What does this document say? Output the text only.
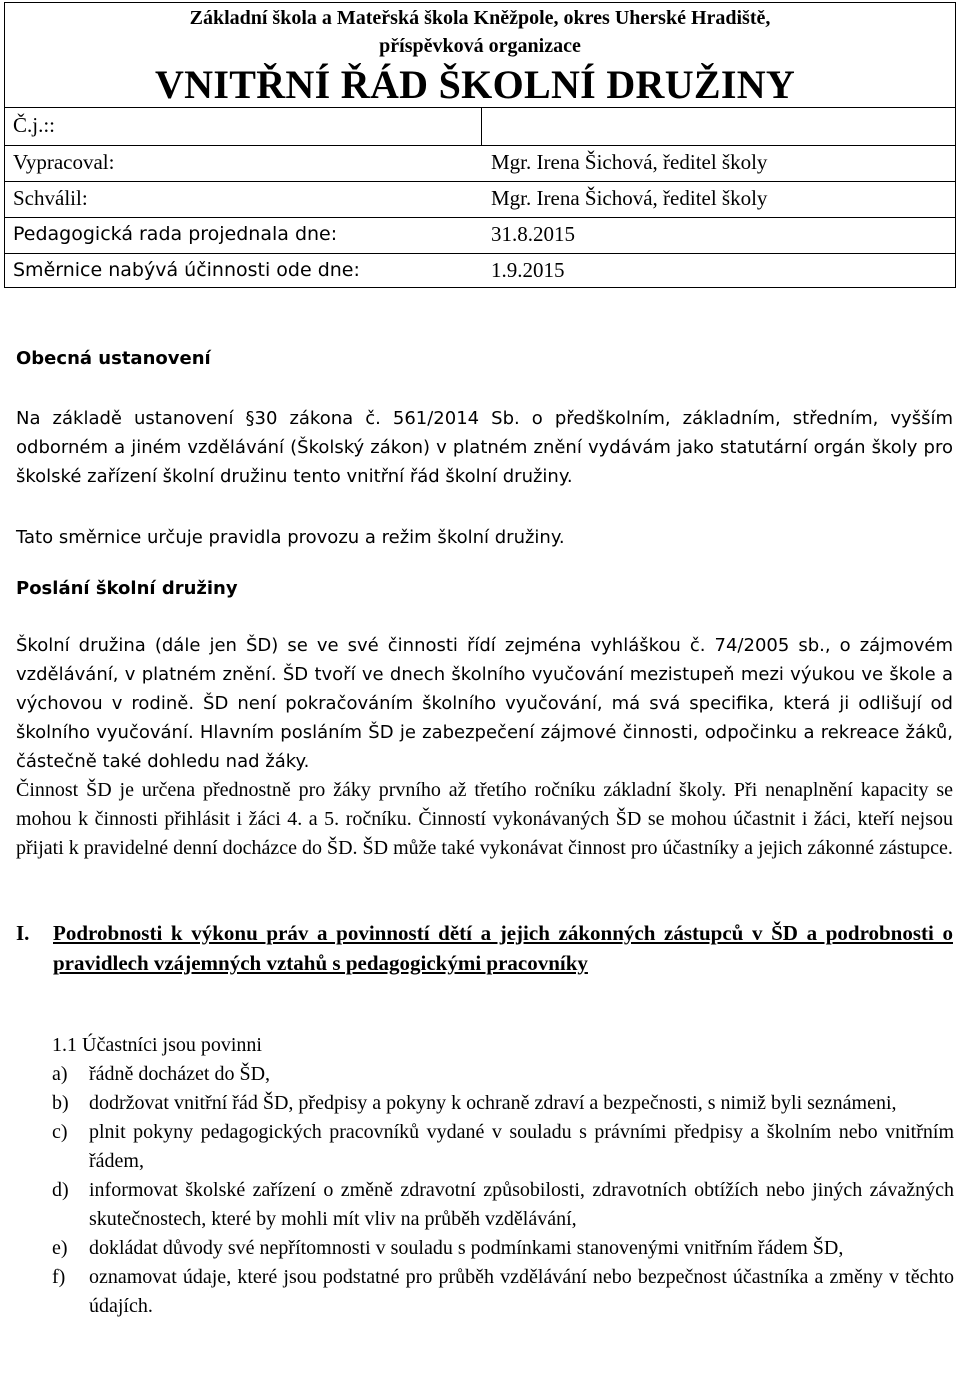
Základní škola a Mateřská škola Kněžpole, okres Uherské Hradiště,
příspěvková organizace
VNITŘNÍ ŘÁD ŠKOLNÍ DRUŽINY
Č.j.::
Vypracoval:	Mgr. Irena Šichová, ředitel školy
Schválil:	Mgr. Irena Šichová, ředitel školy
Pedagogická rada projednala dne:	31.8.2015
Směrnice nabývá účinnosti ode dne:	1.9.2015
Obecná ustanovení
Na základě ustanovení §30 zákona č. 561/2014 Sb. o předškolním, základním, středním, vyšším odborném a jiném vzdělávání (Školský zákon) v platném znění vydávám jako statutární orgán školy pro školské zařízení školní družinu tento vnitřní řád školní družiny.
Tato směrnice určuje pravidla provozu a režim školní družiny.
Poslání školní družiny
Školní družina (dále jen ŠD) se ve své činnosti řídí zejména vyhláškou č. 74/2005 sb., o zájmovém vzdělávání, v platném znění. ŠD tvoří ve dnech školního vyučování mezistupeň mezi výukou ve škole a výchovou v rodině. ŠD není pokračováním školního vyučování, má svá specifika, která ji odlišují od školního vyučování. Hlavním posláním ŠD je zabezpečení zájmové činnosti, odpočinku a rekreace žáků, částečně také dohledu nad žáky.
Činnost ŠD je určena přednostně pro žáky prvního až třetího ročníku základní školy. Při nenaplnění kapacity se mohou k činnosti přihlásit i žáci 4. a 5. ročníku. Činností vykonávaných ŠD se mohou účastnit i žáci, kteří nejsou přijati k pravidelné denní docházce do ŠD. ŠD může také vykonávat činnost pro účastníky a jejich zákonné zástupce.
I. Podrobnosti k výkonu práv a povinností dětí a jejich zákonných zástupců v ŠD a podrobnosti o pravidlech vzájemných vztahů s pedagogickými pracovníky
1.1 Účastníci jsou povinni
a) řádně docházet do ŠD,
b) dodržovat vnitřní řád ŠD, předpisy a pokyny k ochraně zdraví a bezpečnosti, s nimiž byli seznámeni,
c) plnit pokyny pedagogických pracovníků vydané v souladu s právními předpisy a školním nebo vnitřním řádem,
d) informovat školské zařízení o změně zdravotní způsobilosti, zdravotních obtížích nebo jiných závažných skutečnostech, které by mohli mít vliv na průběh vzdělávání,
e) dokládat důvody své nepřítomnosti v souladu s podmínkami stanovenými vnitřním řádem ŠD,
f) oznamovat údaje, které jsou podstatné pro průběh vzdělávání nebo bezpečnost účastníka a změny v těchto údajích.
